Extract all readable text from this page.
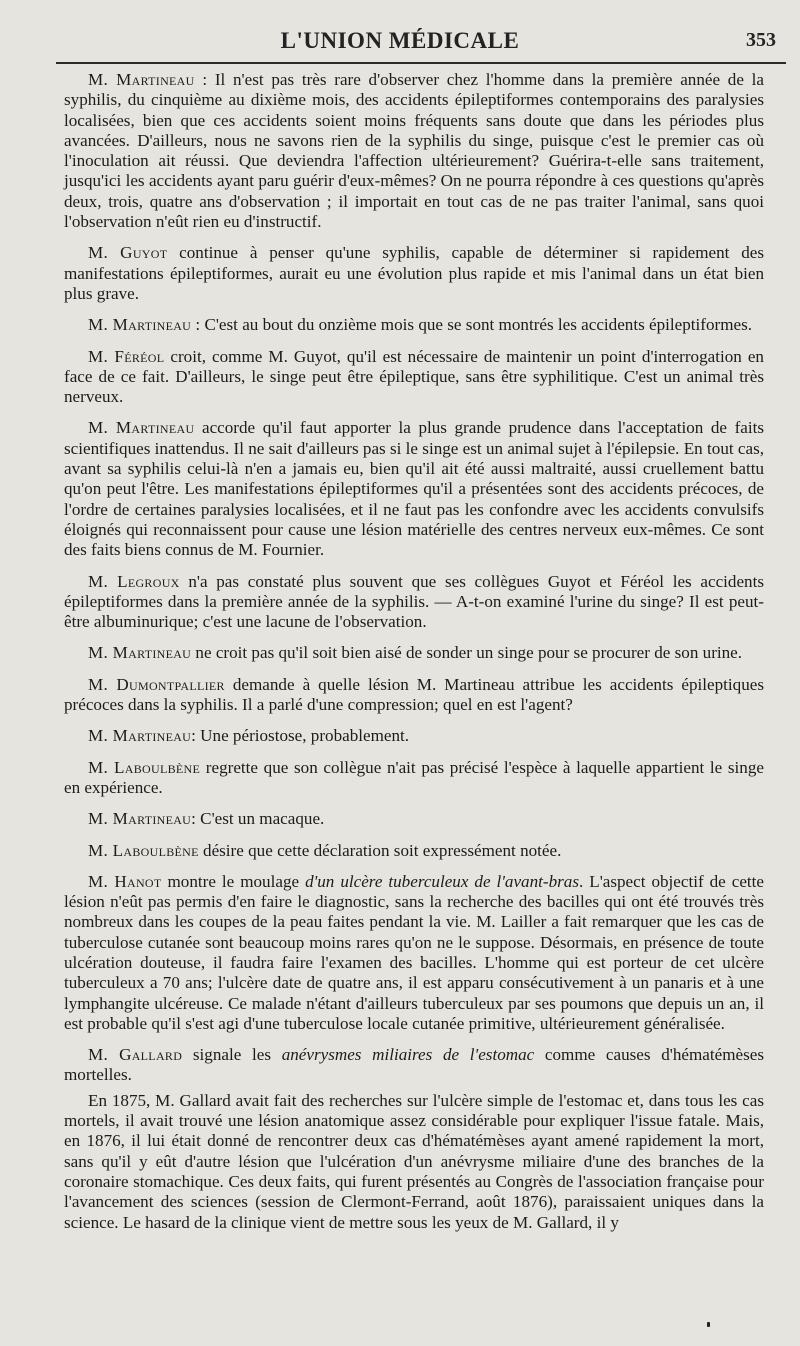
L'UNION MÉDICALE	353

M. Martineau : Il n'est pas très rare d'observer chez l'homme dans la première année de la syphilis, du cinquième au dixième mois, des accidents épileptiformes contemporains des paralysies localisées, bien que ces accidents soient moins fréquents sans doute que dans les périodes plus avancées. D'ailleurs, nous ne savons rien de la syphilis du singe, puisque c'est le premier cas où l'inoculation ait réussi. Que deviendra l'affection ultérieurement? Guérira-t-elle sans traitement, jusqu'ici les accidents ayant paru guérir d'eux-mêmes? On ne pourra répondre à ces questions qu'après deux, trois, quatre ans d'observation ; il importait en tout cas de ne pas traiter l'animal, sans quoi l'observation n'eût rien eu d'instructif.

M. Guyot continue à penser qu'une syphilis, capable de déterminer si rapidement des manifestations épileptiformes, aurait eu une évolution plus rapide et mis l'animal dans un état bien plus grave.

M. Martineau : C'est au bout du onzième mois que se sont montrés les accidents épileptiformes.

M. Féréol croit, comme M. Guyot, qu'il est nécessaire de maintenir un point d'interrogation en face de ce fait. D'ailleurs, le singe peut être épileptique, sans être syphilitique. C'est un animal très nerveux.

M. Martineau accorde qu'il faut apporter la plus grande prudence dans l'acceptation de faits scientifiques inattendus. Il ne sait d'ailleurs pas si le singe est un animal sujet à l'épilepsie. En tout cas, avant sa syphilis celui-là n'en a jamais eu, bien qu'il ait été aussi maltraité, aussi cruellement battu qu'on peut l'être. Les manifestations épileptiformes qu'il a présentées sont des accidents précoces, de l'ordre de certaines paralysies localisées, et il ne faut pas les confondre avec les accidents convulsifs éloignés qui reconnaissent pour cause une lésion matérielle des centres nerveux eux-mêmes. Ce sont des faits biens connus de M. Fournier.

M. Legroux n'a pas constaté plus souvent que ses collègues Guyot et Féréol les accidents épileptiformes dans la première année de la syphilis. — A-t-on examiné l'urine du singe? Il est peut-être albuminurique; c'est une lacune de l'observation.

M. Martineau ne croit pas qu'il soit bien aisé de sonder un singe pour se procurer de son urine.

M. Dumontpallier demande à quelle lésion M. Martineau attribue les accidents épileptiques précoces dans la syphilis. Il a parlé d'une compression; quel en est l'agent?

M. Martineau: Une périostose, probablement.

M. Laboulbène regrette que son collègue n'ait pas précisé l'espèce à laquelle appartient le singe en expérience.

M. Martineau: C'est un macaque.

M. Laboulbène désire que cette déclaration soit expressément notée.

M. Hanot montre le moulage d'un ulcère tuberculeux de l'avant-bras. L'aspect objectif de cette lésion n'eût pas permis d'en faire le diagnostic, sans la recherche des bacilles qui ont été trouvés très nombreux dans les coupes de la peau faites pendant la vie. M. Lailler a fait remarquer que les cas de tuberculose cutanée sont beaucoup moins rares qu'on ne le suppose. Désormais, en présence de toute ulcération douteuse, il faudra faire l'examen des bacilles. L'homme qui est porteur de cet ulcère tuberculeux a 70 ans; l'ulcère date de quatre ans, il est apparu consécutivement à un panaris et à une lymphangite ulcéreuse. Ce malade n'étant d'ailleurs tuberculeux par ses poumons que depuis un an, il est probable qu'il s'est agi d'une tuberculose locale cutanée primitive, ultérieurement généralisée.

M. Gallard signale les anévrysmes miliaires de l'estomac comme causes d'hématémèses mortelles.

En 1875, M. Gallard avait fait des recherches sur l'ulcère simple de l'estomac et, dans tous les cas mortels, il avait trouvé une lésion anatomique assez considérable pour expliquer l'issue fatale. Mais, en 1876, il lui était donné de rencontrer deux cas d'hématémèses ayant amené rapidement la mort, sans qu'il y eût d'autre lésion que l'ulcération d'un anévrysme miliaire d'une des branches de la coronaire stomachique. Ces deux faits, qui furent présentés au Congrès de l'association française pour l'avancement des sciences (session de Clermont-Ferrand, août 1876), paraissaient uniques dans la science. Le hasard de la clinique vient de mettre sous les yeux de M. Gallard, il y
